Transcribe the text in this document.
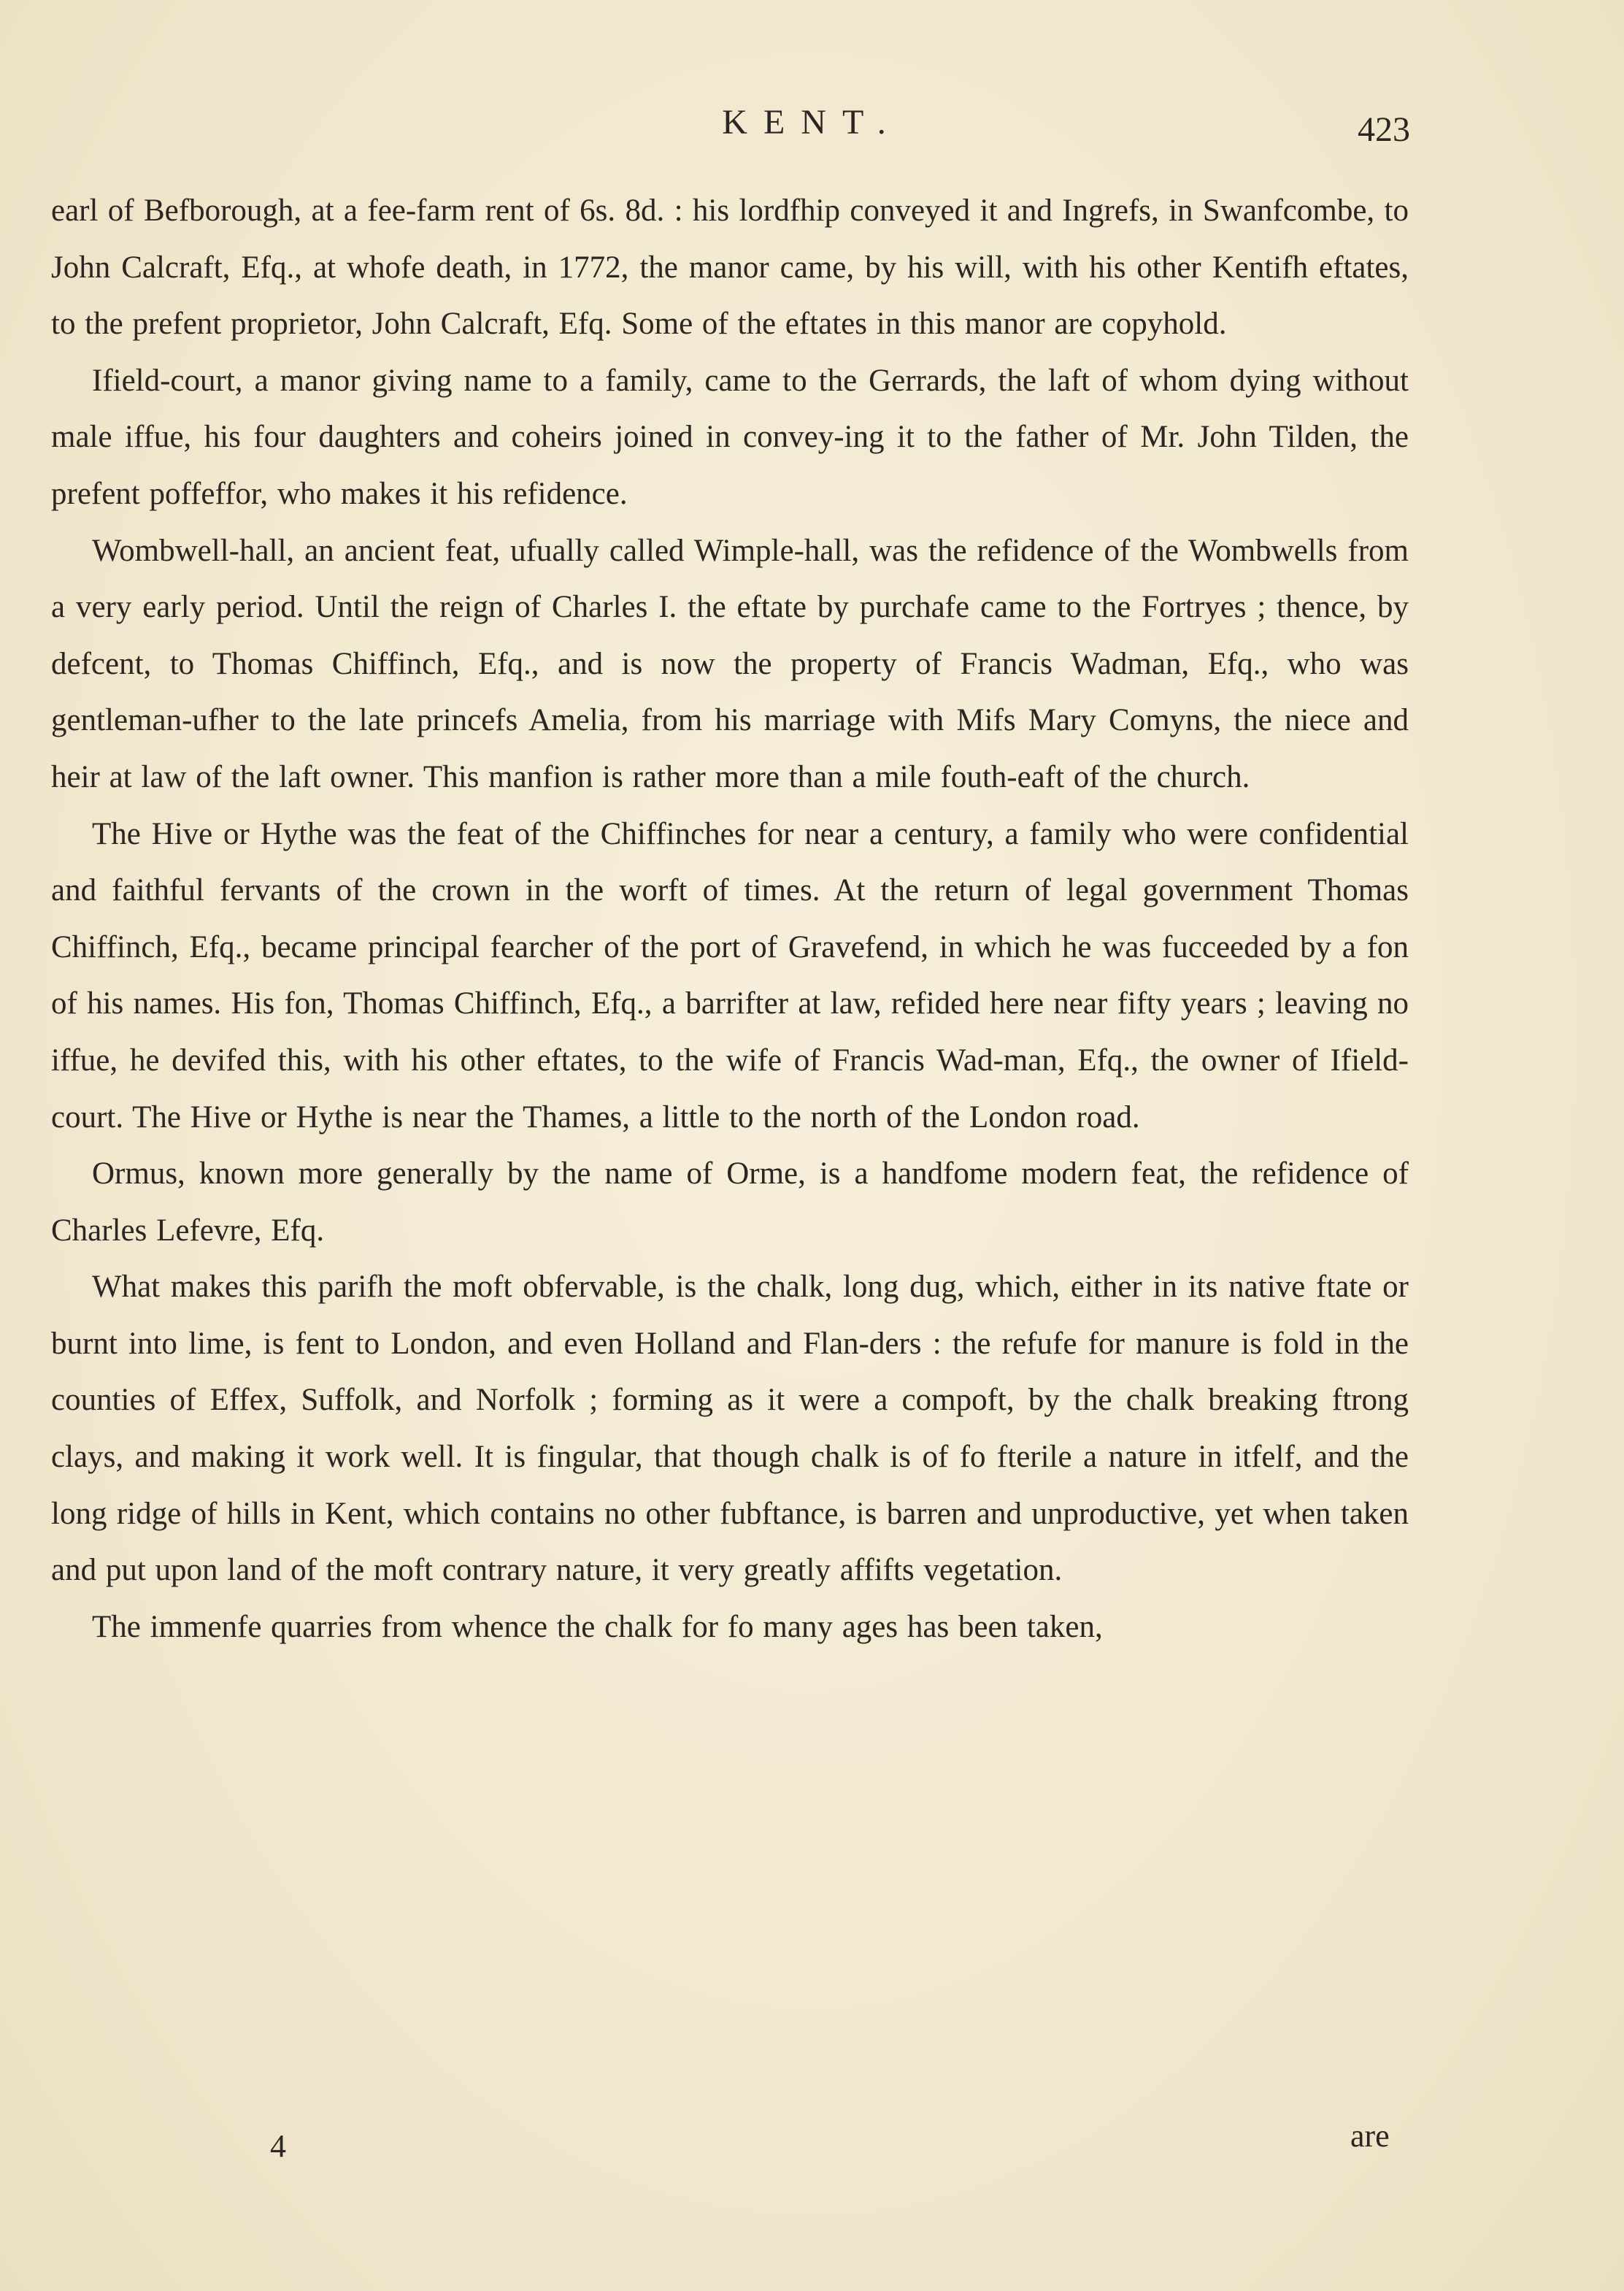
KENT.	423

earl of Befborough, at a fee-farm rent of 6s. 8d. : his lordfhip conveyed it and Ingrefs, in Swanfcombe, to John Calcraft, Efq., at whofe death, in 1772, the manor came, by his will, with his other Kentifh eftates, to the prefent proprietor, John Calcraft, Efq. Some of the eftates in this manor are copyhold.

Ifield-court, a manor giving name to a family, came to the Gerrards, the laft of whom dying without male iffue, his four daughters and coheirs joined in convey-ing it to the father of Mr. John Tilden, the prefent poffeffor, who makes it his refidence.

Wombwell-hall, an ancient feat, ufually called Wimple-hall, was the refidence of the Wombwells from a very early period. Until the reign of Charles I. the eftate by purchafe came to the Fortryes ; thence, by defcent, to Thomas Chiffinch, Efq., and is now the property of Francis Wadman, Efq., who was gentleman-ufher to the late princefs Amelia, from his marriage with Mifs Mary Comyns, the niece and heir at law of the laft owner. This manfion is rather more than a mile fouth-eaft of the church.

The Hive or Hythe was the feat of the Chiffinches for near a century, a family who were confidential and faithful fervants of the crown in the worft of times. At the return of legal government Thomas Chiffinch, Efq., became principal fearcher of the port of Gravefend, in which he was fucceeded by a fon of his names. His fon, Thomas Chiffinch, Efq., a barrifter at law, refided here near fifty years ; leaving no iffue, he devifed this, with his other eftates, to the wife of Francis Wad-man, Efq., the owner of Ifield-court. The Hive or Hythe is near the Thames, a little to the north of the London road.

Ormus, known more generally by the name of Orme, is a handfome modern feat, the refidence of Charles Lefevre, Efq.

What makes this parifh the moft obfervable, is the chalk, long dug, which, either in its native ftate or burnt into lime, is fent to London, and even Holland and Flan-ders : the refufe for manure is fold in the counties of Effex, Suffolk, and Norfolk ; forming as it were a compoft, by the chalk breaking ftrong clays, and making it work well. It is fingular, that though chalk is of fo fterile a nature in itfelf, and the long ridge of hills in Kent, which contains no other fubftance, is barren and unproductive, yet when taken and put upon land of the moft contrary nature, it very greatly affifts vegetation.

The immenfe quarries from whence the chalk for fo many ages has been taken,

4	are
